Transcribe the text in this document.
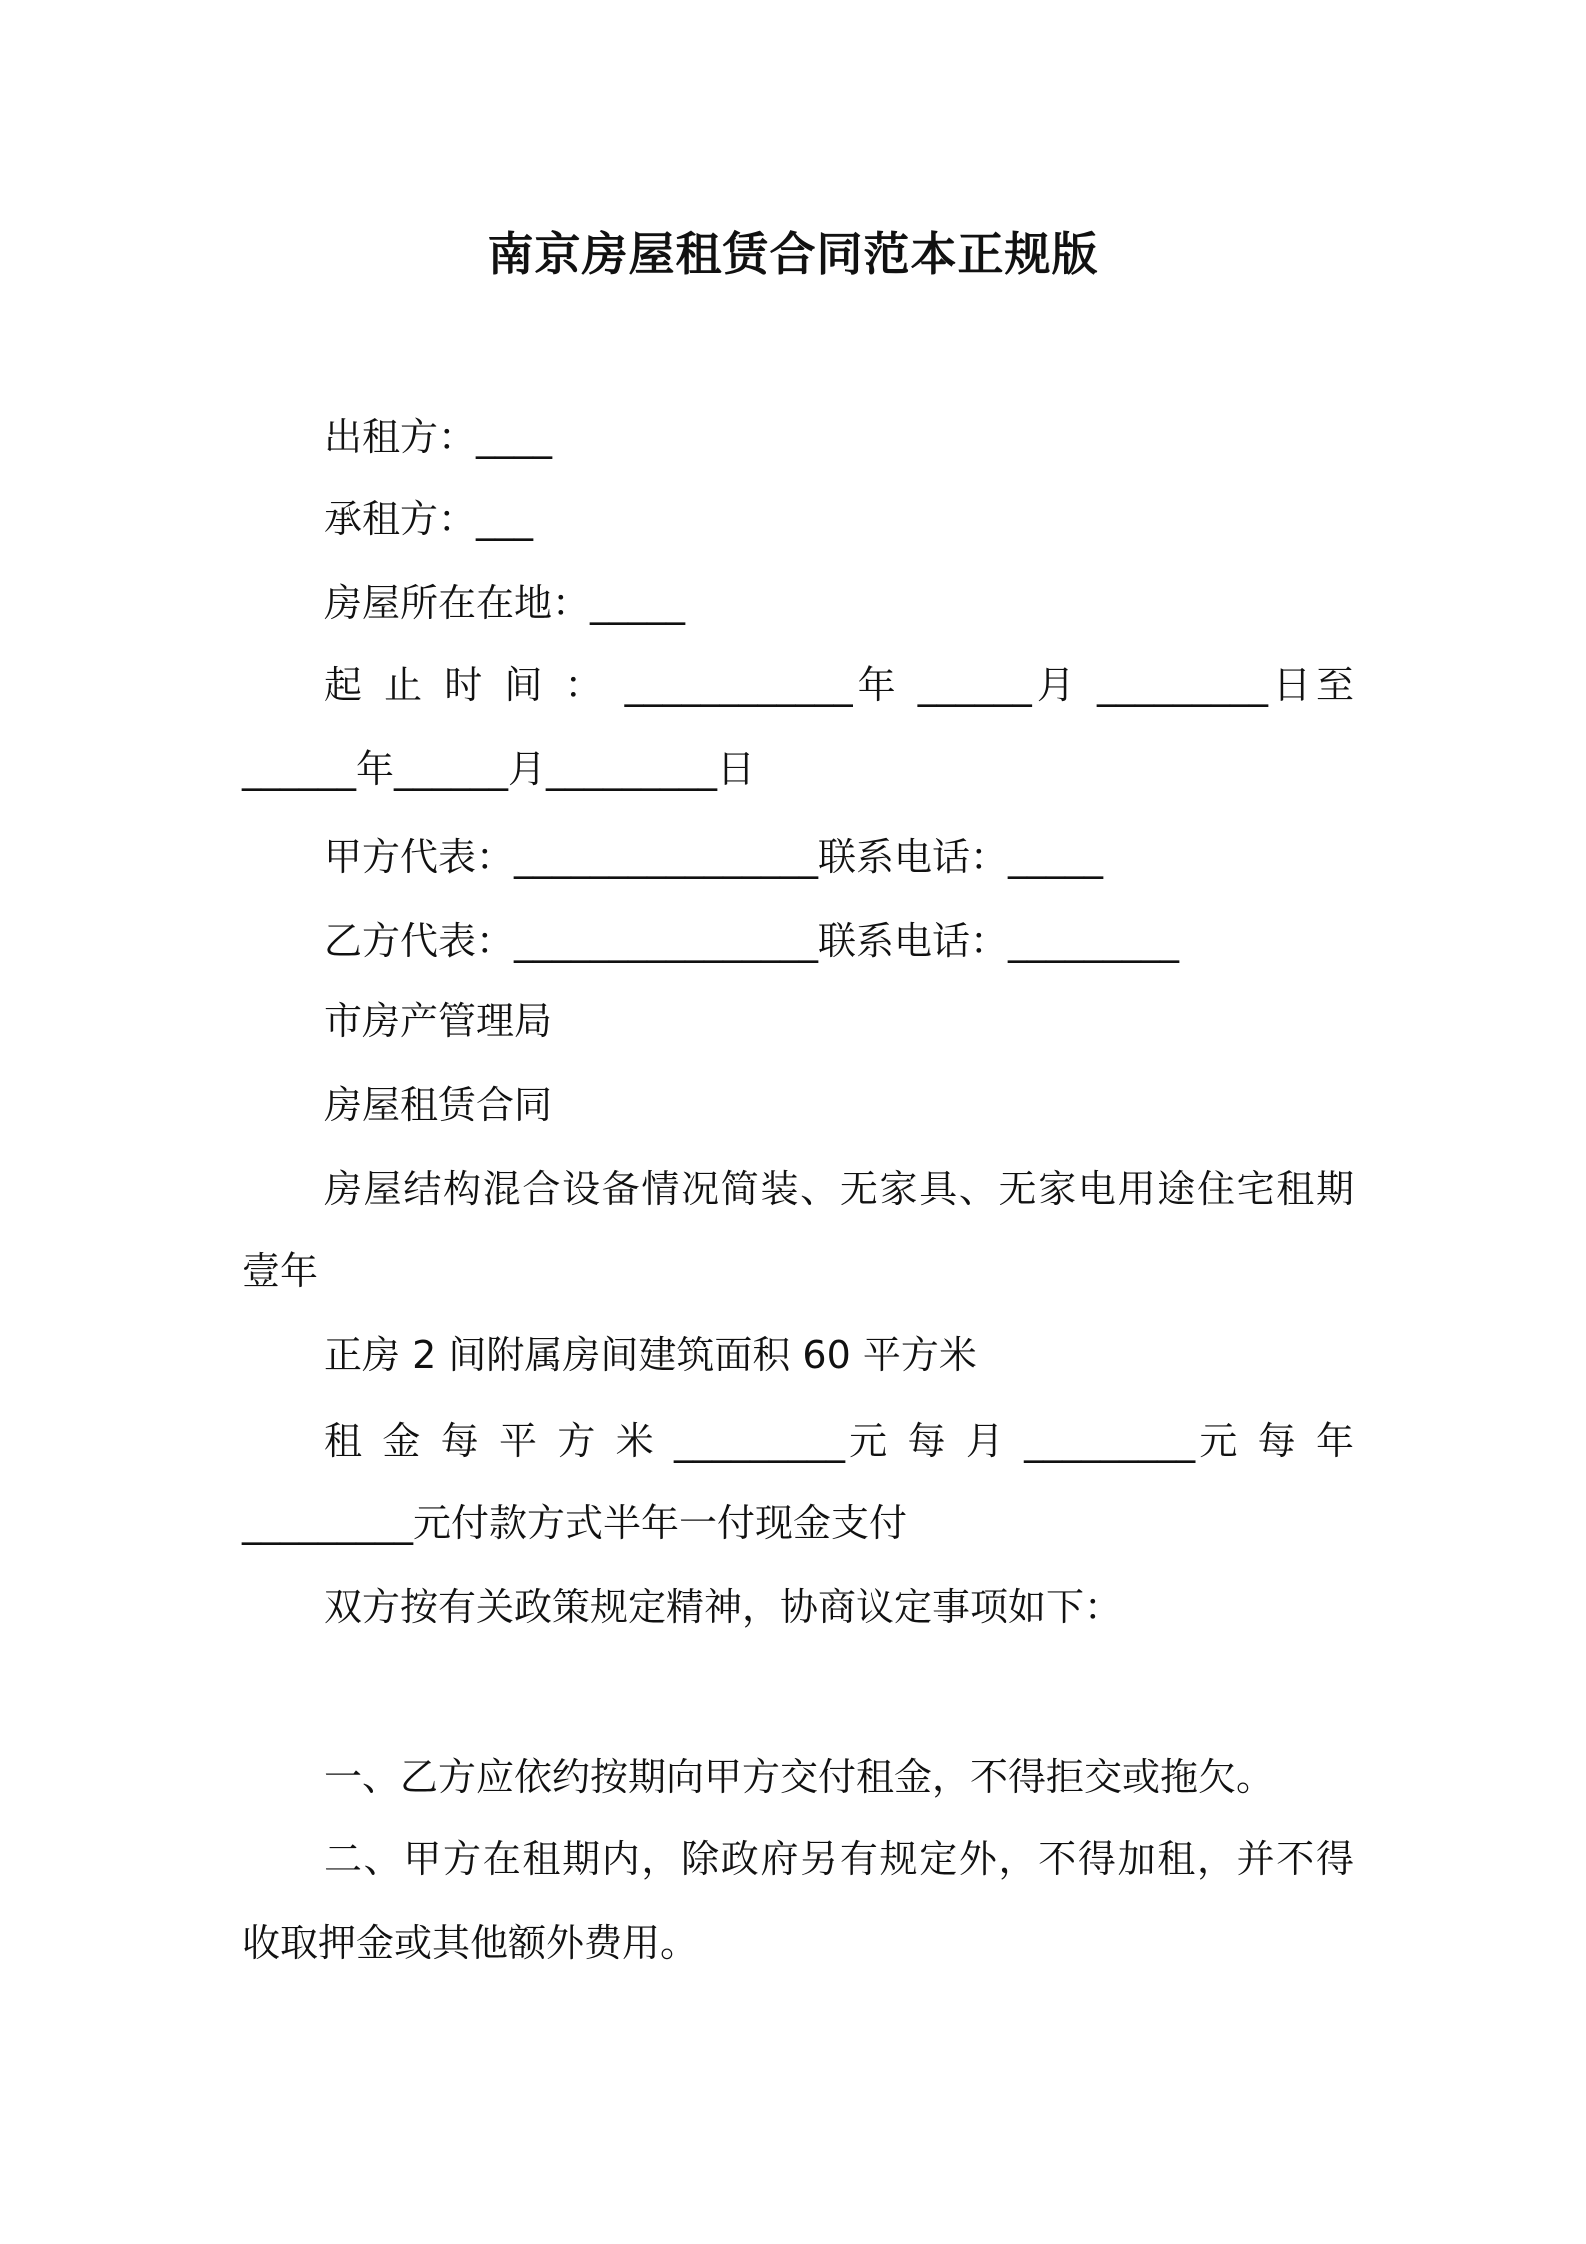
南京房屋租赁合同范本正规版
出租方：____
承租方：___
房屋所在在地：_____
起 止 时 间 ： ____________年 ______月 _________日至
______年______月_________日
甲方代表：________________联系电话：_____
乙方代表：________________联系电话：_________
市房产管理局
房屋租赁合同
房屋结构混合设备情况简装、无家具、无家电用途住宅租期
壹年
正房 2 间附属房间建筑面积 60 平方米
租 金 每 平 方 米 _________元 每 月 _________元 每 年
_________元付款方式半年一付现金支付
双方按有关政策规定精神，协商议定事项如下：
一、乙方应依约按期向甲方交付租金，不得拒交或拖欠。
二、甲方在租期内，除政府另有规定外，不得加租，并不得
收取押金或其他额外费用。
